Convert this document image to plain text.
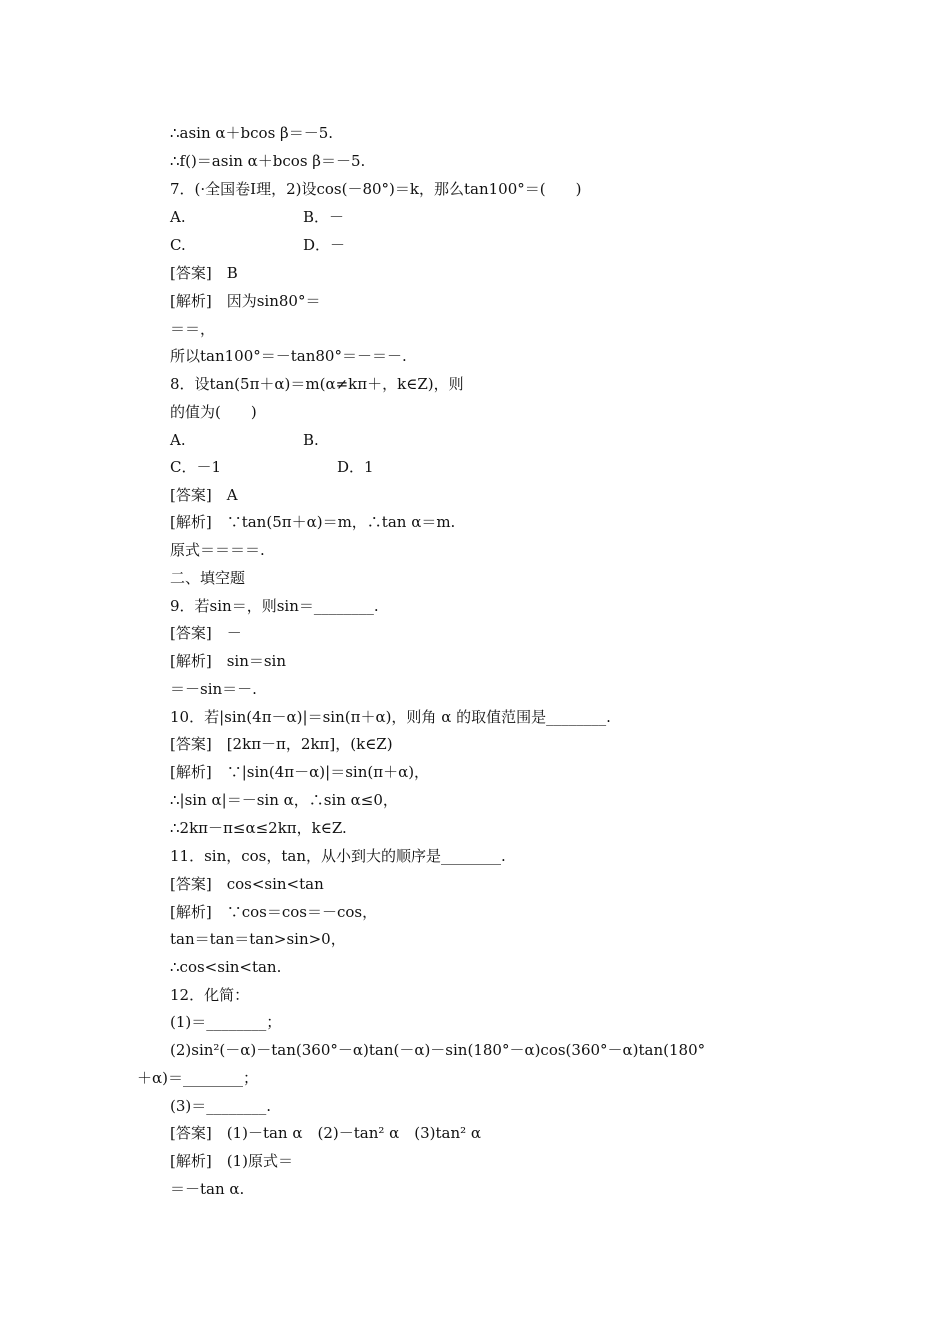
∴asin α＋bcos β＝－5.
∴f()＝asin α＋bcos β＝－5.
7．(·全国卷Ⅰ理，2)设cos(－80°)＝k，那么tan100°＝(　　)
A.	B．－
C.	D．－
[答案]　B
[解析]　因为sin80°＝
＝＝，
所以tan100°＝－tan80°＝－＝－.
8．设tan(5π＋α)＝m(α≠kπ＋，k∈Z)，则
的值为(　　)
A.	B.
C．－1	D．1
[答案]　A
[解析]　∵tan(5π＋α)＝m，∴tan α＝m.
原式＝＝＝＝.
二、填空题
9．若sin＝，则sin＝________.
[答案]　－
[解析]　sin＝sin
＝－sin＝－.
10．若|sin(4π－α)|＝sin(π＋α)，则角 α 的取值范围是________.
[答案]　[2kπ－π，2kπ]，(k∈Z)
[解析]　∵|sin(4π－α)|＝sin(π＋α)，
∴|sin α|＝－sin α，∴sin α≤0，
∴2kπ－π≤α≤2kπ，k∈Z.
11．sin，cos，tan，从小到大的顺序是________.
[答案]　cos<sin<tan
[解析]　∵cos＝cos＝－cos，
tan＝tan＝tan>sin>0，
∴cos<sin<tan.
12．化简：
(1)＝________；
(2)sin²(－α)－tan(360°－α)tan(－α)－sin(180°－α)cos(360°－α)tan(180°
＋α)＝________；
(3)＝________.
[答案]　(1)－tan α　(2)－tan² α　(3)tan² α
[解析]　(1)原式＝
＝－tan α.
